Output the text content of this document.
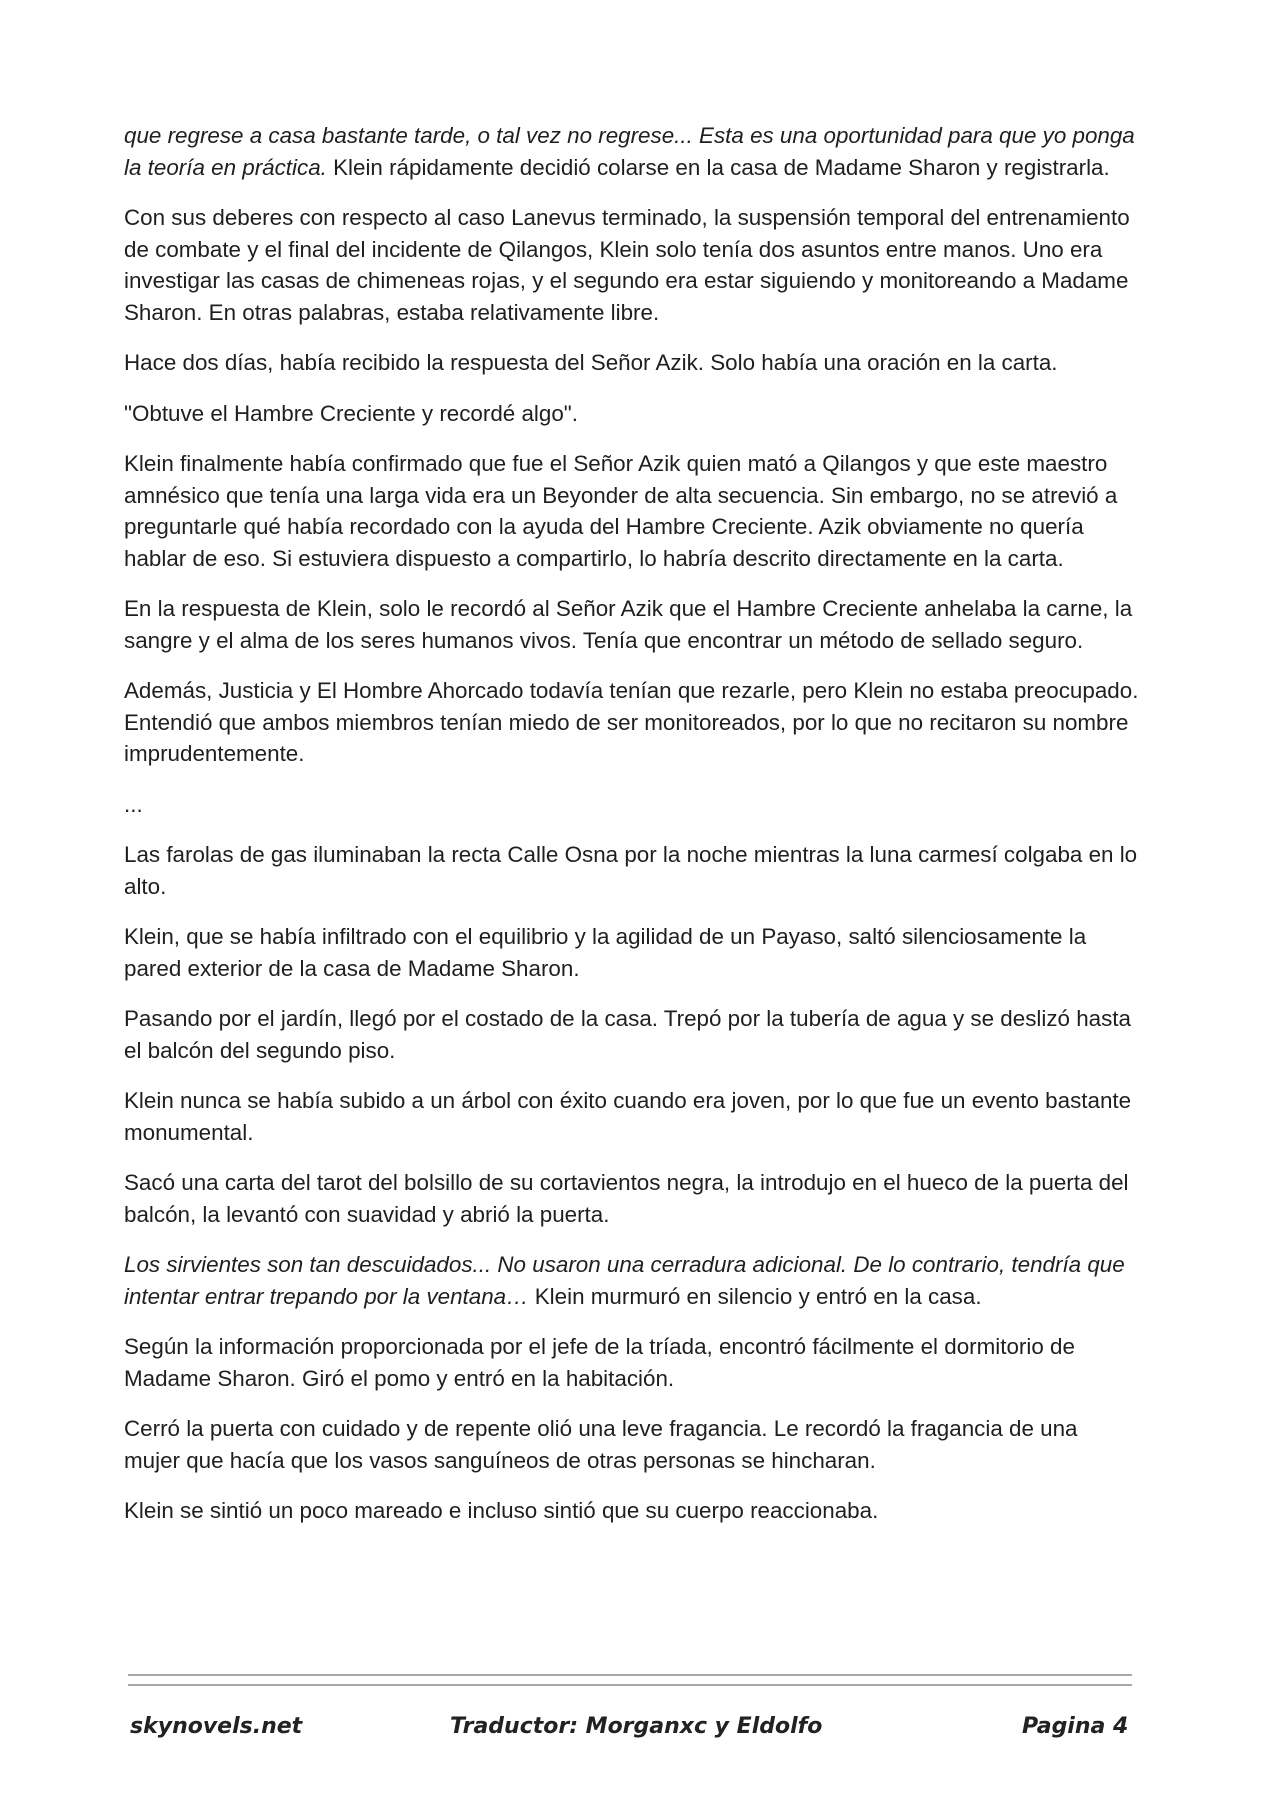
que regrese a casa bastante tarde, o tal vez no regrese... Esta es una oportunidad para que yo ponga la teoría en práctica. Klein rápidamente decidió colarse en la casa de Madame Sharon y registrarla.

Con sus deberes con respecto al caso Lanevus terminado, la suspensión temporal del entrenamiento de combate y el final del incidente de Qilangos, Klein solo tenía dos asuntos entre manos. Uno era investigar las casas de chimeneas rojas, y el segundo era estar siguiendo y monitoreando a Madame Sharon. En otras palabras, estaba relativamente libre.

Hace dos días, había recibido la respuesta del Señor Azik. Solo había una oración en la carta.

"Obtuve el Hambre Creciente y recordé algo".

Klein finalmente había confirmado que fue el Señor Azik quien mató a Qilangos y que este maestro amnésico que tenía una larga vida era un Beyonder de alta secuencia. Sin embargo, no se atrevió a preguntarle qué había recordado con la ayuda del Hambre Creciente. Azik obviamente no quería hablar de eso. Si estuviera dispuesto a compartirlo, lo habría descrito directamente en la carta.

En la respuesta de Klein, solo le recordó al Señor Azik que el Hambre Creciente anhelaba la carne, la sangre y el alma de los seres humanos vivos. Tenía que encontrar un método de sellado seguro.

Además, Justicia y El Hombre Ahorcado todavía tenían que rezarle, pero Klein no estaba preocupado. Entendió que ambos miembros tenían miedo de ser monitoreados, por lo que no recitaron su nombre imprudentemente.

...

Las farolas de gas iluminaban la recta Calle Osna por la noche mientras la luna carmesí colgaba en lo alto.

Klein, que se había infiltrado con el equilibrio y la agilidad de un Payaso, saltó silenciosamente la pared exterior de la casa de Madame Sharon.

Pasando por el jardín, llegó por el costado de la casa. Trepó por la tubería de agua y se deslizó hasta el balcón del segundo piso.

Klein nunca se había subido a un árbol con éxito cuando era joven, por lo que fue un evento bastante monumental.

Sacó una carta del tarot del bolsillo de su cortavientos negra, la introdujo en el hueco de la puerta del balcón, la levantó con suavidad y abrió la puerta.

Los sirvientes son tan descuidados... No usaron una cerradura adicional. De lo contrario, tendría que intentar entrar trepando por la ventana… Klein murmuró en silencio y entró en la casa.

Según la información proporcionada por el jefe de la tríada, encontró fácilmente el dormitorio de Madame Sharon. Giró el pomo y entró en la habitación.

Cerró la puerta con cuidado y de repente olió una leve fragancia. Le recordó la fragancia de una mujer que hacía que los vasos sanguíneos de otras personas se hincharan.

Klein se sintió un poco mareado e incluso sintió que su cuerpo reaccionaba.

skynovels.net	Traductor: Morganxc y Eldolfo	Pagina 4
